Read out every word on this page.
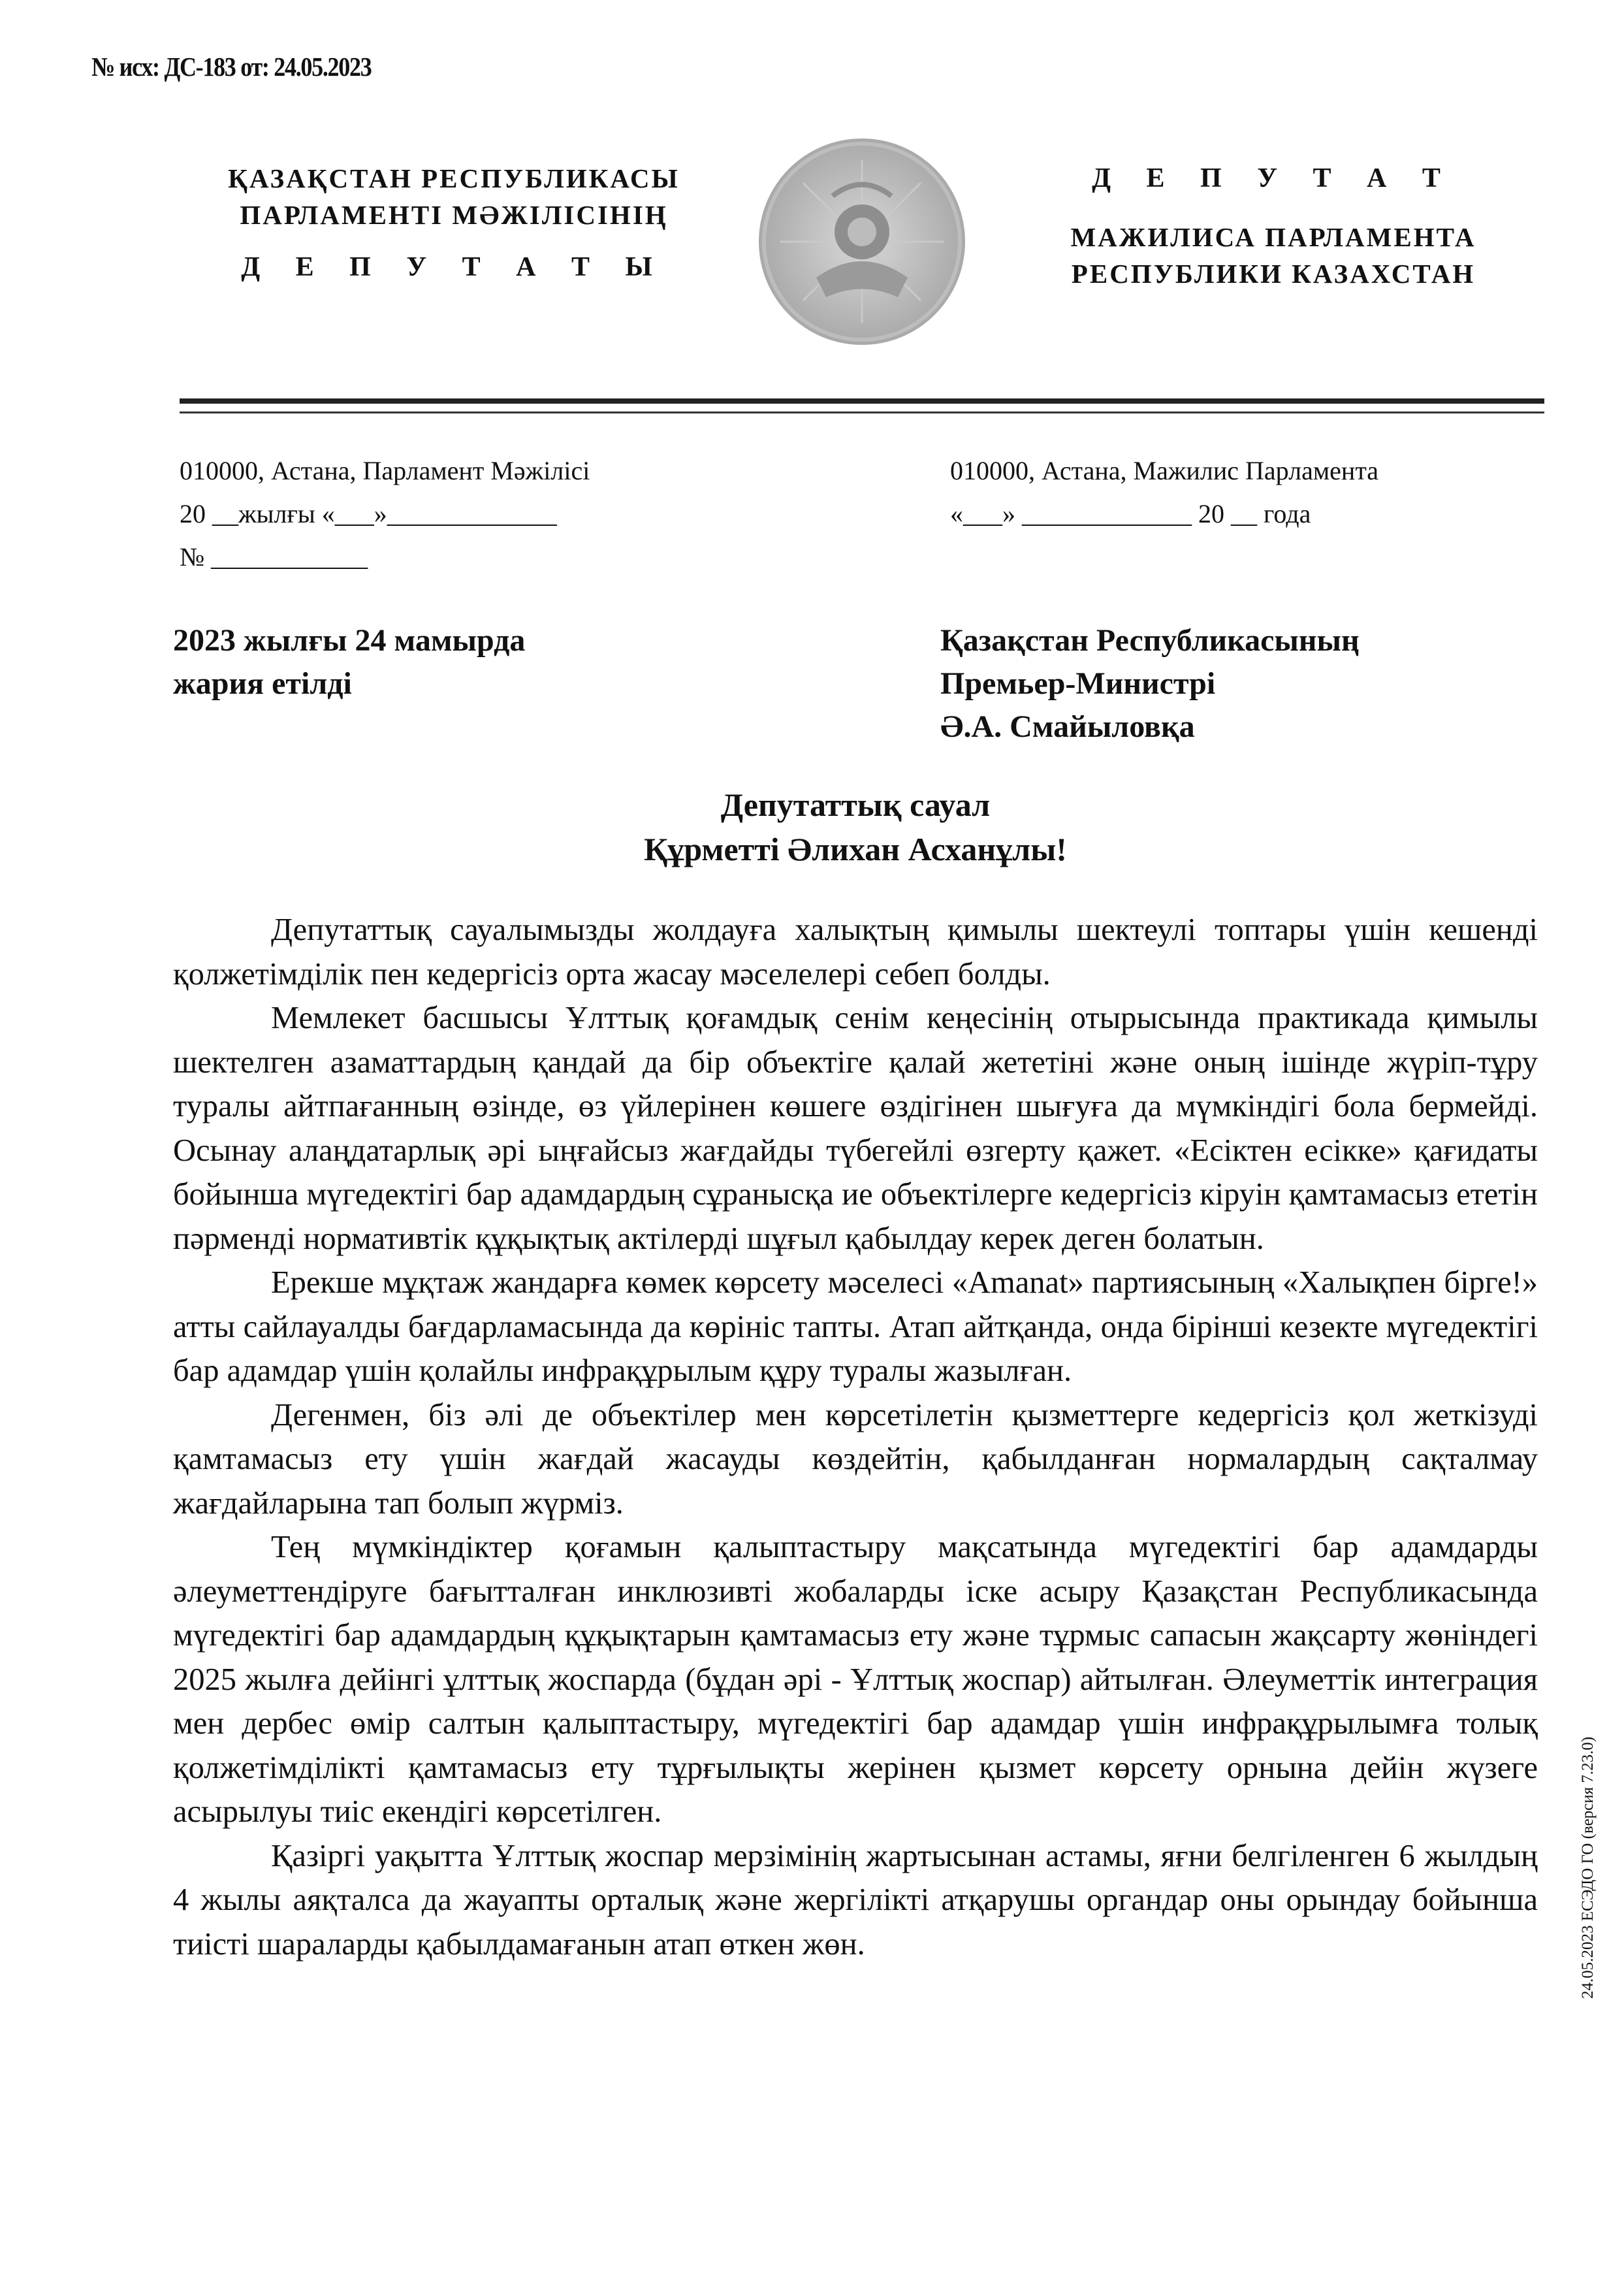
№ исх: ДС-183 от: 24.05.2023
ҚАЗАҚСТАН РЕСПУБЛИКАСЫ
ПАРЛАМЕНТІ МӘЖІЛІСІНІҢ
Д Е П У Т А Т Ы
Д Е П У Т А Т
МАЖИЛИСА ПАРЛАМЕНТА
РЕСПУБЛИКИ КАЗАХСТАН
010000, Астана, Парламент Мәжілісі
20 __жылғы «___»_____________
№ ____________
010000, Астана, Мажилис Парламента
«___» _____________ 20 __ года
2023 жылғы 24 мамырда
жария етілді
Қазақстан Республикасының
Премьер-Министрі
Ә.А. Смайыловқа
Депутаттық сауал
Құрметті Әлихан Асханұлы!

Депутаттық сауалымызды жолдауға халықтың қимылы шектеулі топтары үшін кешенді қолжетімділік пен кедергісіз орта жасау мәселелері себеп болды.

Мемлекет басшысы Ұлттық қоғамдық сенім кеңесінің отырысында практикада қимылы шектелген азаматтардың қандай да бір объектіге қалай жететіні және оның ішінде жүріп-тұру туралы айтпағанның өзінде, өз үйлерінен көшеге өздігінен шығуға да мүмкіндігі бола бермейді. Осынау алаңдатарлық әрі ыңғайсыз жағдайды түбегейлі өзгерту қажет. «Есіктен есікке» қағидаты бойынша мүгедектігі бар адамдардың сұранысқа ие объектілерге кедергісіз кіруін қамтамасыз ететін пәрменді нормативтік құқықтық актілерді шұғыл қабылдау керек деген болатын.

Ерекше мұқтаж жандарға көмек көрсету мәселесі «Amanat» партиясының «Халықпен бірге!» атты сайлауалды бағдарламасында да көрініс тапты. Атап айтқанда, онда бірінші кезекте мүгедектігі бар адамдар үшін қолайлы инфрақұрылым құру туралы жазылған.

Дегенмен, біз әлі де объектілер мен көрсетілетін қызметтерге кедергісіз қол жеткізуді қамтамасыз ету үшін жағдай жасауды көздейтін, қабылданған нормалардың сақталмау жағдайларына тап болып жүрміз.

Тең мүмкіндіктер қоғамын қалыптастыру мақсатында мүгедектігі бар адамдарды әлеуметтендіруге бағытталған инклюзивті жобаларды іске асыру Қазақстан Республикасында мүгедектігі бар адамдардың құқықтарын қамтамасыз ету және тұрмыс сапасын жақсарту жөніндегі 2025 жылға дейінгі ұлттық жоспарда (бұдан әрі - Ұлттық жоспар) айтылған. Әлеуметтік интеграция мен дербес өмір салтын қалыптастыру, мүгедектігі бар адамдар үшін инфрақұрылымға толық қолжетімділікті қамтамасыз ету тұрғылықты жерінен қызмет көрсету орнына дейін жүзеге асырылуы тиіс екендігі көрсетілген.

Қазіргі уақытта Ұлттық жоспар мерзімінің жартысынан астамы, яғни белгіленген 6 жылдың 4 жылы аяқталса да жауапты орталық және жергілікті атқарушы органдар оны орындау бойынша тиісті шараларды қабылдамағанын атап өткен жөн.	24.05.2023 ЕСЭДО ГО (версия 7.23.0)
